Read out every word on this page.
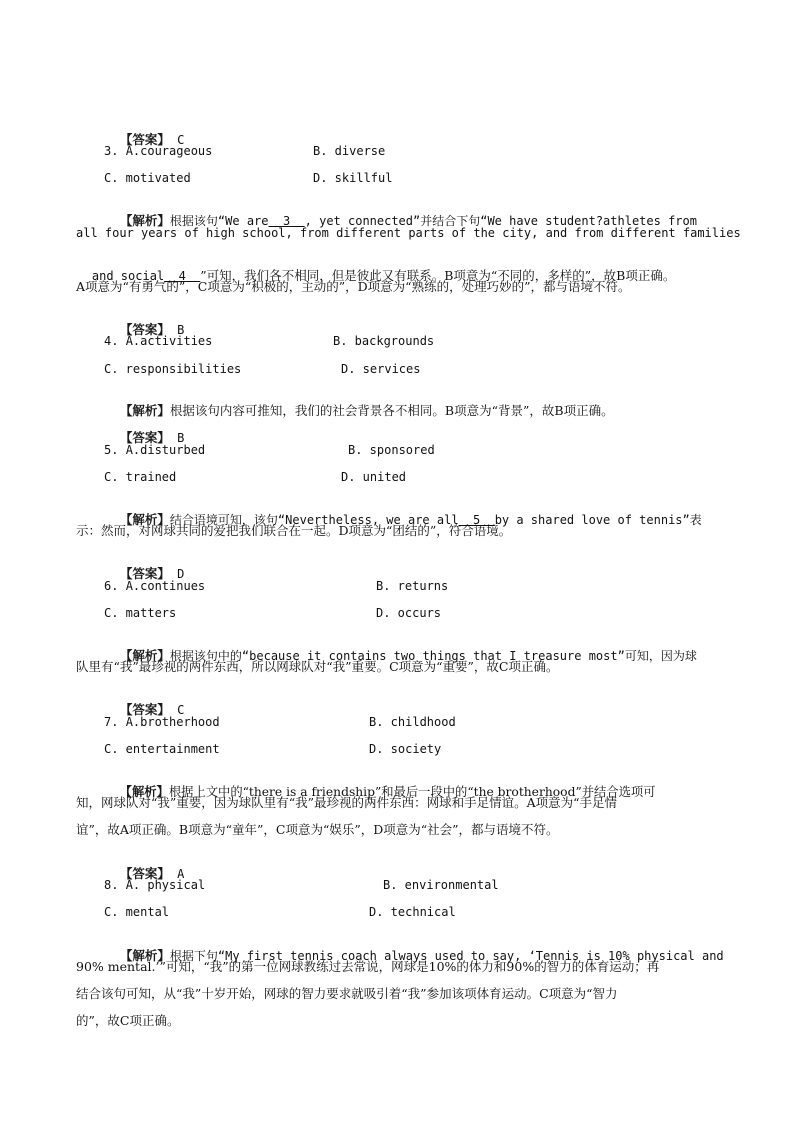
【答案】 C

3. A.courageous	B. diverse
C. motivated	D. skillful

【解析】根据该句“We are 3 , yet connected”并结合下句“We have student?athletes from

all four years of high school, from different parts of the city, and from different families

and social 4 ”可知，我们各不相同，但是彼此又有联系。B项意为“不同的，多样的”，故B项正确。

A项意为“有勇气的”，C项意为“积极的，主动的”，D项意为“熟练的，处理巧妙的”，都与语境不符。

【答案】 B

4. A.activities	B. backgrounds
C. responsibilities	D. services

【解析】根据该句内容可推知，我们的社会背景各不相同。B项意为“背景”，故B项正确。

【答案】 B

5. A.disturbed	B. sponsored
C. trained	D. united

【解析】结合语境可知，该句“Nevertheless, we are all 5 by a shared love of tennis”表

示：然而，对网球共同的爱把我们联合在一起。D项意为“团结的”，符合语境。

【答案】 D

6. A.continues	B. returns
C. matters	D. occurs

【解析】根据该句中的“because it contains two things that I treasure most”可知，因为球

队里有“我”最珍视的两件东西，所以网球队对“我”重要。C项意为“重要”，故C项正确。

【答案】 C

7. A.brotherhood	B. childhood
C. entertainment	D. society

【解析】根据上文中的“there is a friendship”和最后一段中的“the brotherhood”并结合选项可

知，网球队对“我”重要，因为球队里有“我”最珍视的两件东西：网球和手足情谊。A项意为“手足情
谊”，故A项正确。B项意为“童年”，C项意为“娱乐”，D项意为“社会”，都与语境不符。

【答案】 A

8. A. physical	B. environmental
C. mental	D. technical

【解析】根据下句“My first tennis coach always used to say, ‘Tennis is 10% physical and

90% mental.’”可知，“我”的第一位网球教练过去常说，网球是10%的体力和90%的智力的体育运动；再
结合该句可知，从“我”十岁开始，网球的智力要求就吸引着“我”参加该项体育运动。C项意为“智力
的”，故C项正确。
